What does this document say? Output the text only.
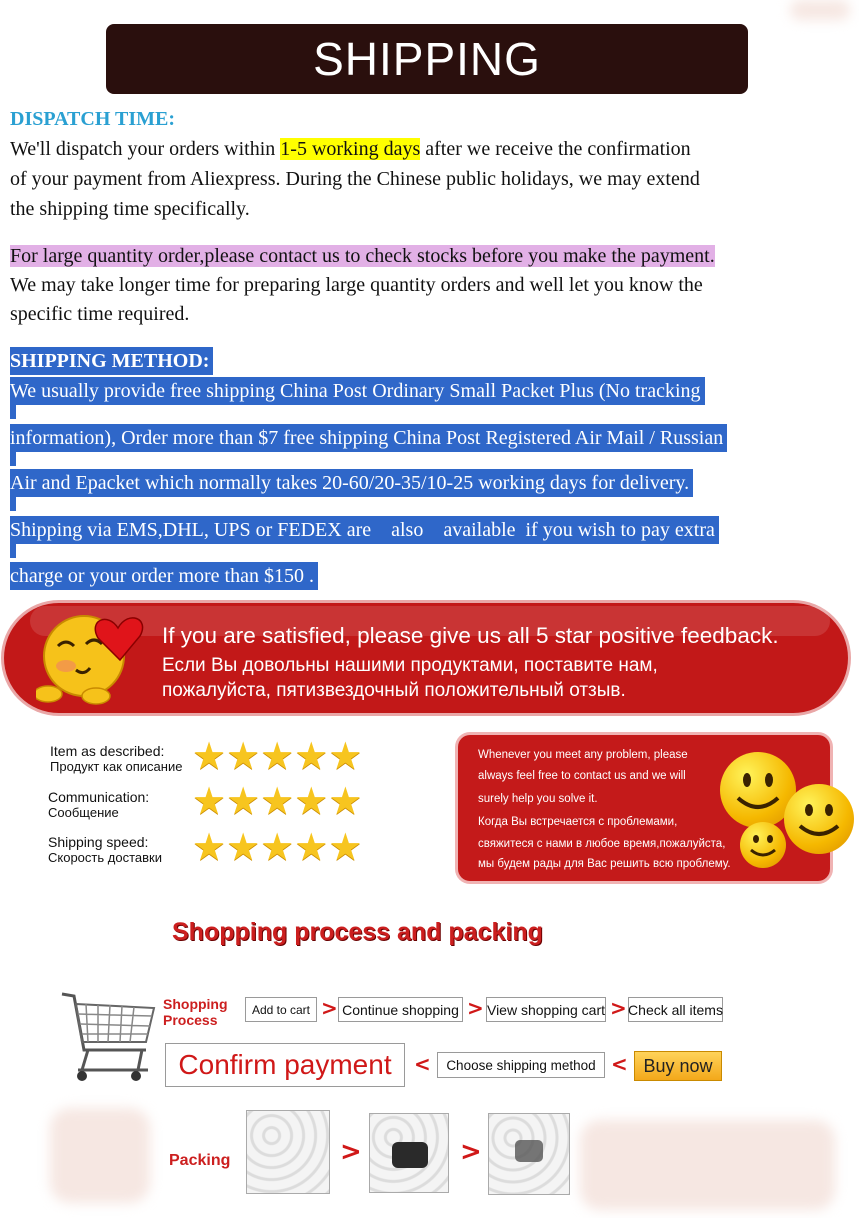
SHIPPING
DISPATCH TIME:
We'll dispatch your orders within 1-5 working days after we receive the confirmation
of your payment from Aliexpress. During the Chinese public holidays, we may extend
the shipping time specifically.
For large quantity order,please contact us to check stocks before you make the payment.
We may take longer time for preparing large quantity orders and well let you know the
specific time required.
SHIPPING METHOD:
We usually provide free shipping China Post Ordinary Small Packet Plus (No tracking
information), Order more than $7 free shipping China Post Registered Air Mail / Russian
Air and Epacket which normally takes 20-60/20-35/10-25 working days for delivery.
Shipping via EMS,DHL, UPS or FEDEX are    also    available  if you wish to pay extra
charge or your order more than $150 .
If you are satisfied, please give us all 5 star positive feedback.
Если Вы довольны нашими продуктами, поставите нам,
пожалуйста, пятизвездочный положительный отзыв.
Item as described:
Продукт как описание ★★★★★
Communication:
Сообщение	★★★★★
Shipping speed:
Скорость доставки ★★★★★
Whenever you meet any problem, please
always feel free to contact us and we will
surely help you solve it.
Когда Вы встречается с проблемами,
свяжитеся с нами в любое время,пожалуйста,
мы будем рады для Вас решить всю проблему.
Shopping process and packing
Shopping
Process
Add to cart > Continue shopping > View shopping cart > Check all items
Confirm payment	<	Choose shipping method < Buy now
Packing	>	>
